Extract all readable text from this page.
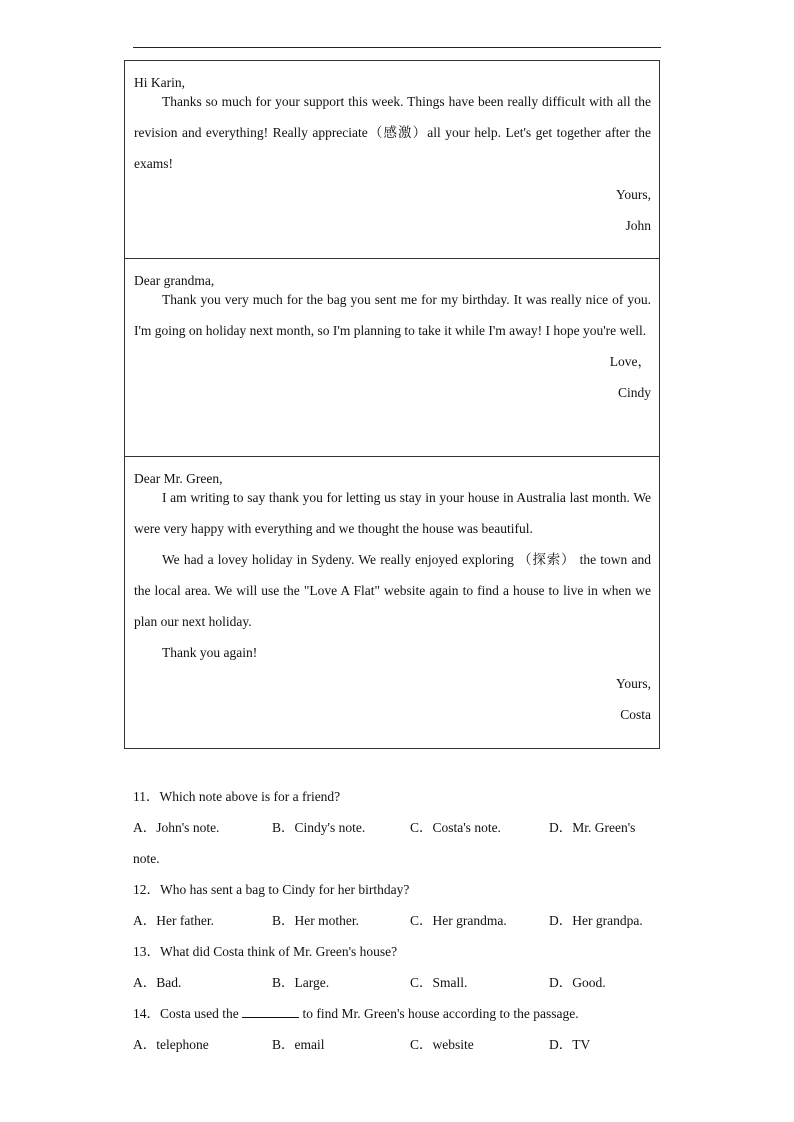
Hi Karin,

Thanks so much for your support this week. Things have been really difficult with all the revision and everything! Really appreciate（感激）all your help. Let's get together after the exams!

Yours,
John
Dear grandma,

Thank you very much for the bag you sent me for my birthday. It was really nice of you. I'm going on holiday next month, so I'm planning to take it while I'm away! I hope you're well.

Love，
Cindy
Dear Mr. Green,

I am writing to say thank you for letting us stay in your house in Australia last month. We were very happy with everything and we thought the house was beautiful.

We had a lovey holiday in Sydeny. We really enjoyed exploring （探索） the town and the local area. We will use the "Love A Flat" website again to find a house to live in when we plan our next holiday.

Thank you again!

Yours,
Costa
11．Which note above is for a friend?
A．John's note.	B．Cindy's note.	C．Costa's note.	D．Mr. Green's
note.
12．Who has sent a bag to Cindy for her birthday?
A．Her father.	B．Her mother.	C．Her grandma.	D．Her grandpa.
13．What did Costa think of Mr. Green's house?
A．Bad.	B．Large.	C．Small.	D．Good.
14．Costa used the	to find Mr. Green's house according to the passage.
A．telephone	B．email	C．website	D．TV
